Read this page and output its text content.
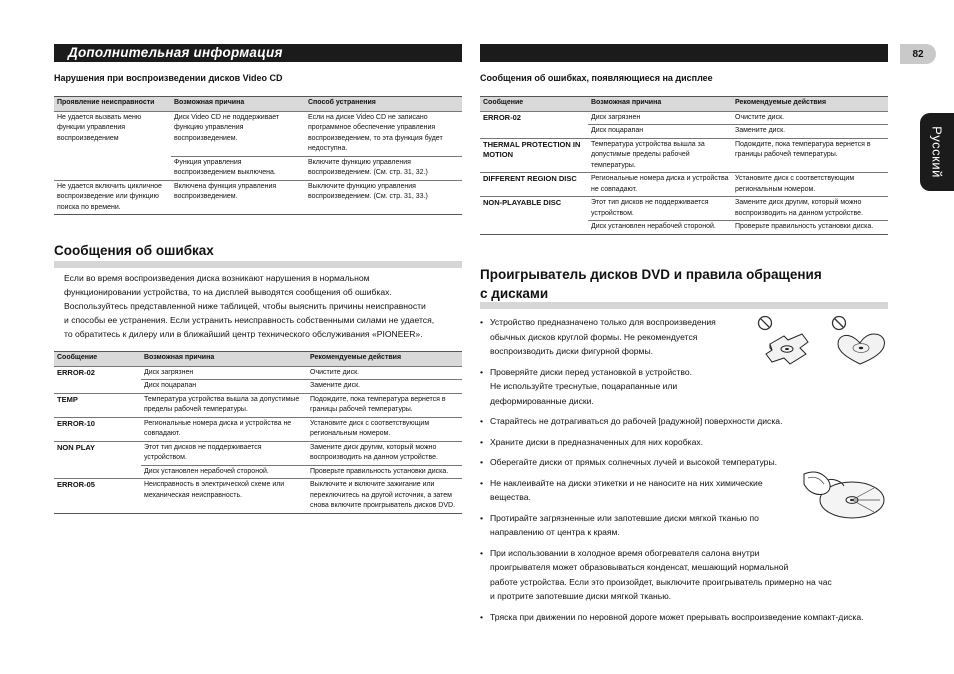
Дополнительная информация	82
Русский
Нарушения при воспроизведении дисков Video CD
Проявление неисправности	Возможная причина	Способ устранения
Не удается вызвать меню функции управления воспроизведением	Диск Video CD не поддерживает функцию управления воспроизведением.	Если на диске Video CD не записано программное обеспечение управления воспроизведением, то эта функция будет недоступна.
	Функция управления воспроизведением выключена.	Включите функцию управления воспроизведением. (См. стр. 31, 32.)
Не удается включить цикличное воспроизведение или функцию поиска по времени.	Включена функция управления воспроизведением.	Выключите функцию управления воспроизведением. (См. стр. 31, 33.)
Сообщения об ошибках
Если во время воспроизведения диска возникают нарушения в нормальном
функционировании устройства, то на дисплей выводятся сообщения об ошибках.
Воспользуйтесь представленной ниже таблицей, чтобы выяснить причины неисправности
и способы ее устранения. Если устранить неисправность собственными силами не удается,
то обратитесь к дилеру или в ближайший центр технического обслуживания «PIONEER».
Сообщение	Возможная причина	Рекомендуемые действия
ERROR-02	Диск загрязнен	Очистите диск.
	Диск поцарапан	Замените диск.
TEMP	Температура устройства вышла за допустимые пределы рабочей температуры.	Подождите, пока температура вернется в границы рабочей температуры.
ERROR-10	Региональные номера диска и устройства не совпадают.	Установите диск с соответствующим региональным номером.
NON PLAY	Этот тип дисков не поддерживается устройством.	Замените диск другим, который можно воспроизводить на данном устройстве.
	Диск установлен нерабочей стороной.	Проверьте правильность установки диска.
ERROR-05	Неисправность в электрической схеме или механическая неисправность.	Выключите и включите зажигание или переключитесь на другой источник, а затем снова включите проигрыватель дисков DVD.
Сообщения об ошибках, появляющиеся на дисплее
Сообщение	Возможная причина	Рекомендуемые действия
ERROR-02	Диск загрязнен	Очистите диск.
	Диск поцарапан	Замените диск.
THERMAL PROTECTION IN MOTION	Температура устройства вышла за допустимые пределы рабочей температуры.	Подождите, пока температура вернется в границы рабочей температуры.
DIFFERENT REGION DISC	Региональные номера диска и устройства не совпадают.	Установите диск с соответствующим региональным номером.
NON-PLAYABLE DISC	Этот тип дисков не поддерживается устройством.	Замените диск другим, который можно воспроизводить на данном устройстве.
	Диск установлен нерабочей стороной.	Проверьте правильность установки диска.
Проигрыватель дисков DVD и правила обращения
с дисками
• Устройство предназначено только для воспроизведения
обычных дисков круглой формы. Не рекомендуется
воспроизводить диски фигурной формы.
• Проверяйте диски перед установкой в устройство.
Не используйте треснутые, поцарапанные или
деформированные диски.
• Старайтесь не дотрагиваться до рабочей [радужной] поверхности диска.
• Храните диски в предназначенных для них коробках.
• Оберегайте диски от прямых солнечных лучей и высокой температуры.
• Не наклеивайте на диски этикетки и не наносите на них химические
вещества.
• Протирайте загрязненные или запотевшие диски мягкой тканью по
направлению от центра к краям.
• При использовании в холодное время обогревателя салона внутри
проигрывателя может образовываться конденсат, мешающий нормальной
работе устройства. Если это произойдет, выключите проигрыватель примерно на час
и протрите запотевшие диски мягкой тканью.
• Тряска при движении по неровной дороге может прерывать воспроизведение компакт-диска.
